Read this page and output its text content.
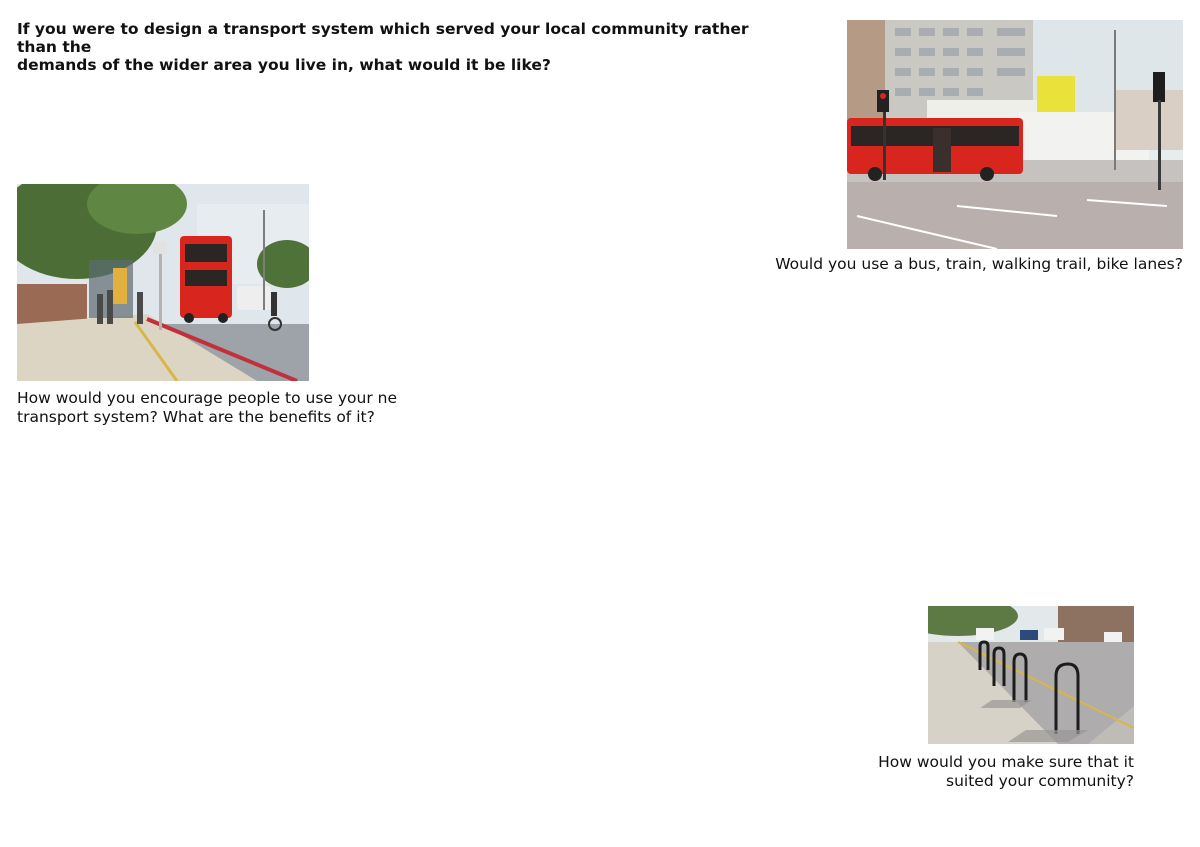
If you were to design a transport system which served your local community rather than the
demands of the wider area you live in, what would it be like?

Would you use a bus, train, walking trail, bike lanes?

How would you encourage people to use your ne
transport system? What are the benefits of it?

How would you make sure that it
suited your community?
